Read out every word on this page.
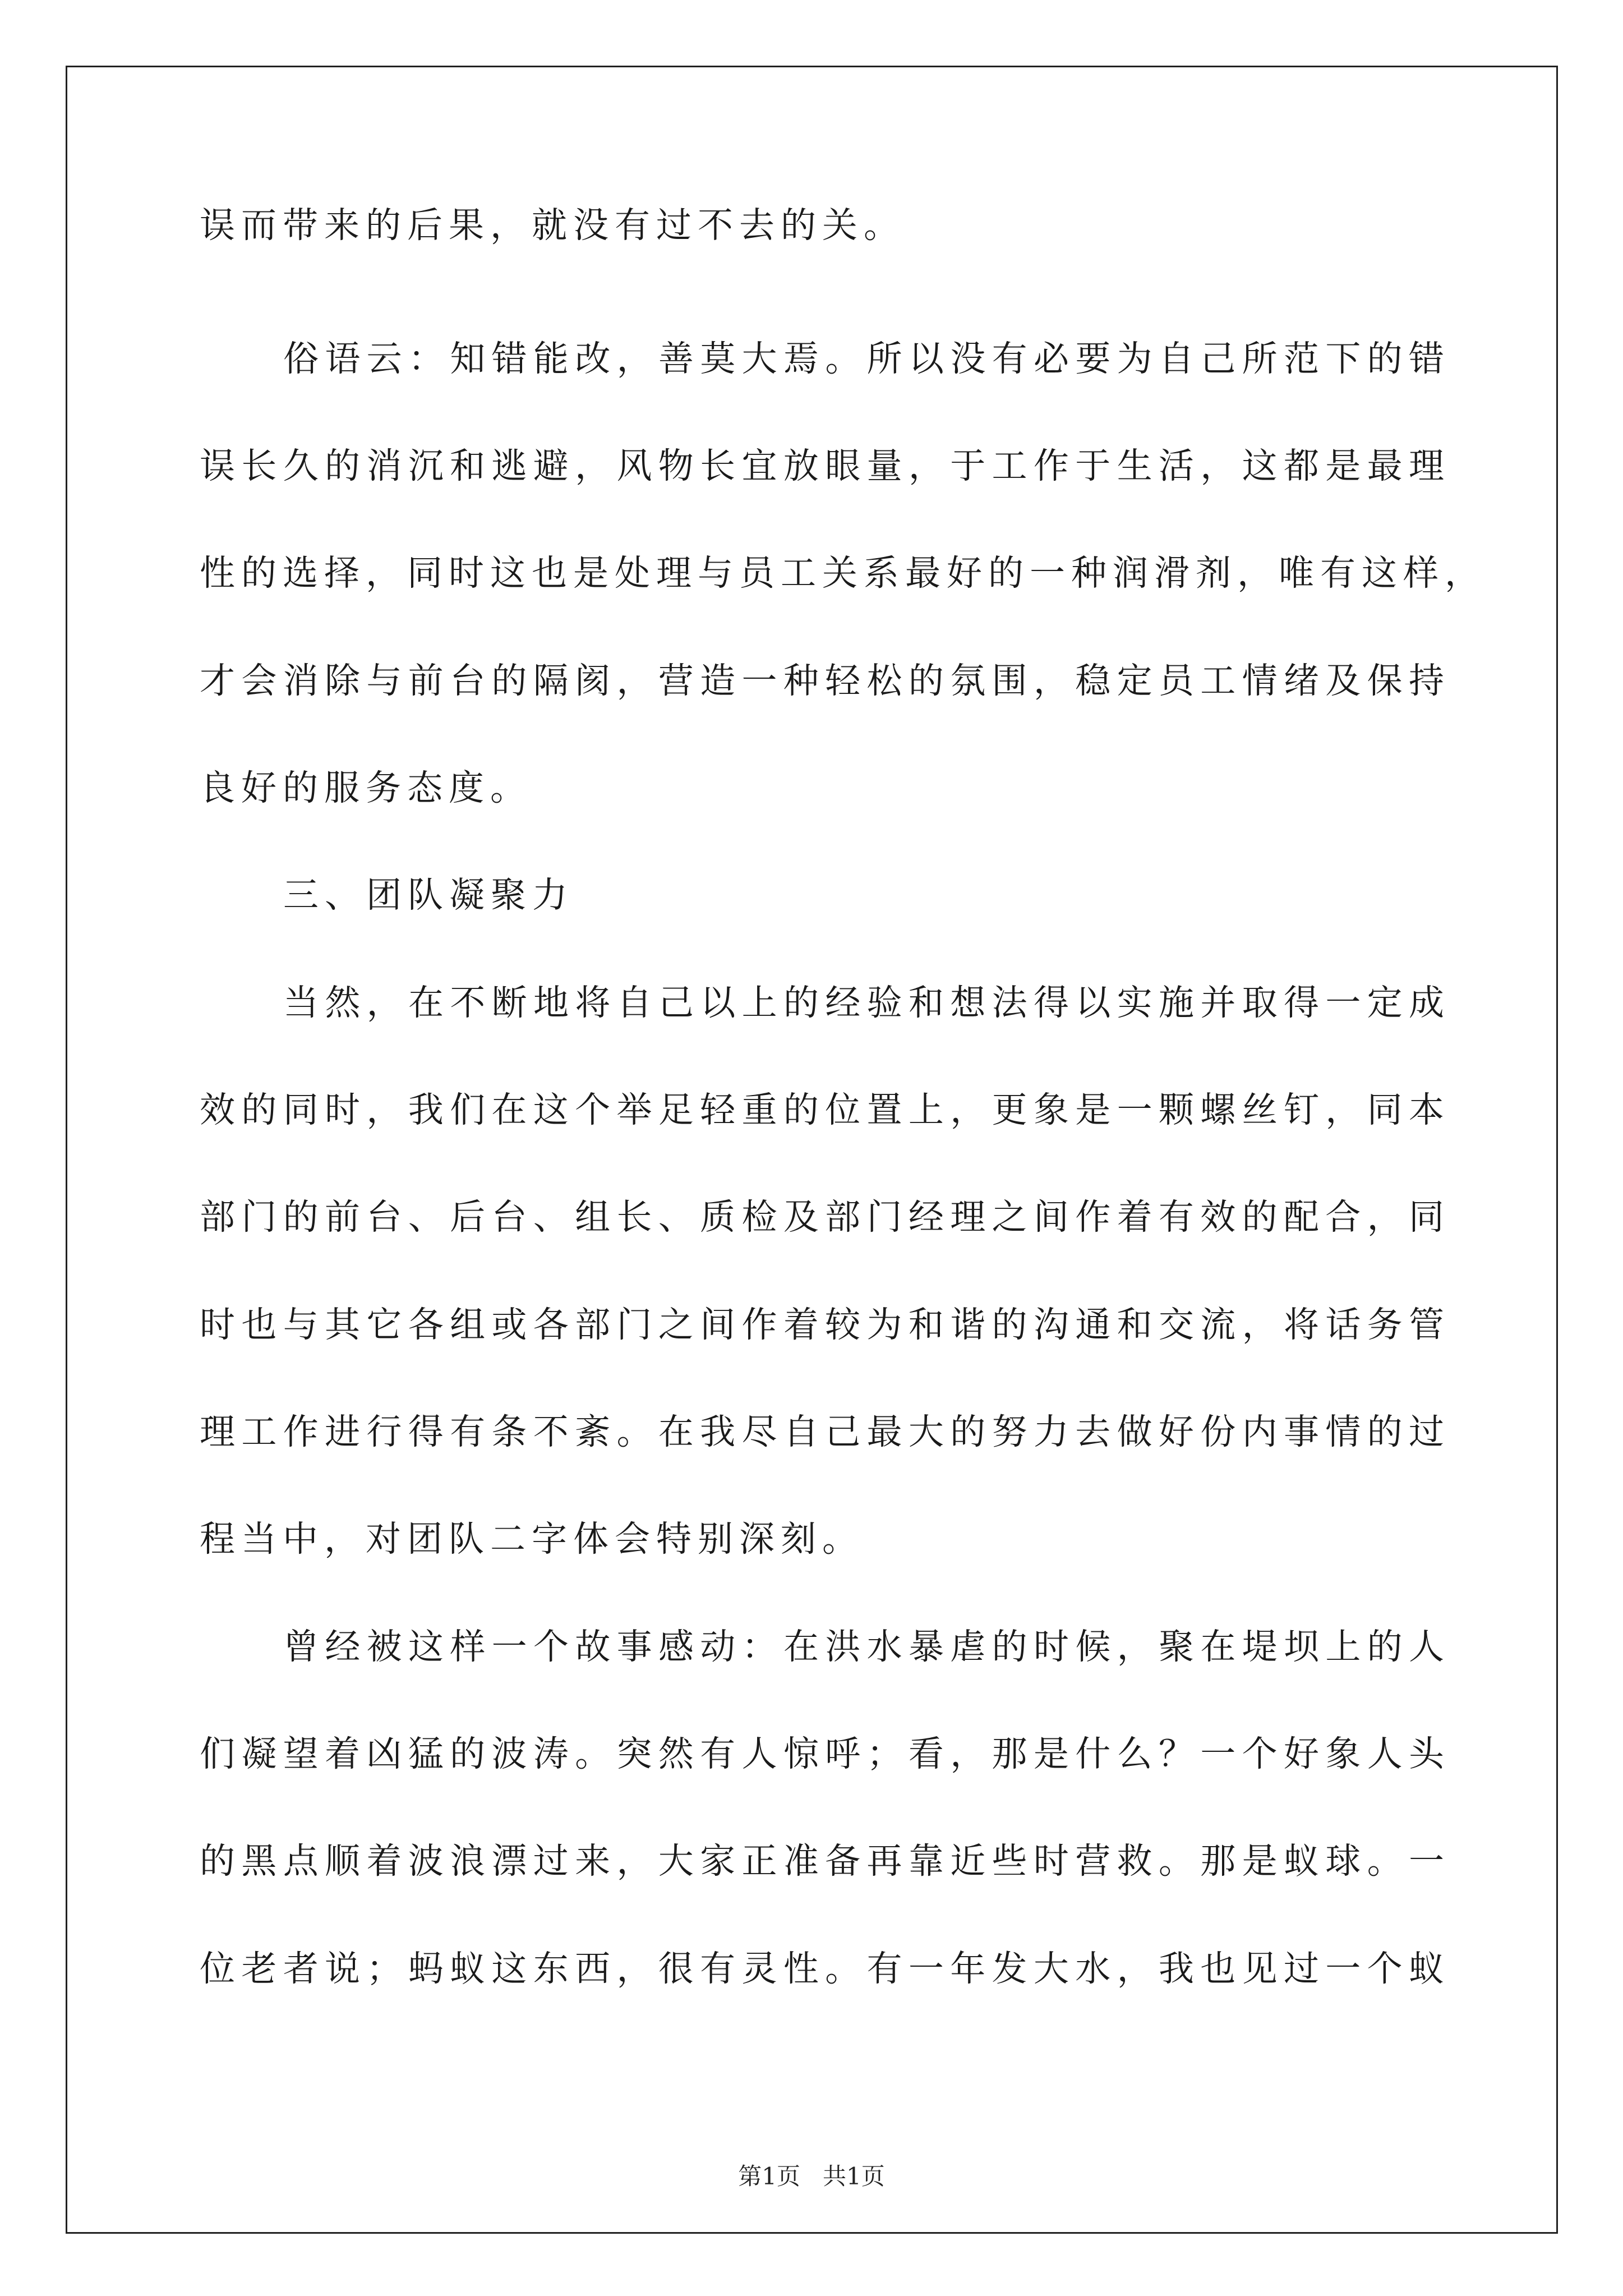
误而带来的后果，就没有过不去的关。
俗语云：知错能改，善莫大焉。所以没有必要为自己所范下的错
误长久的消沉和逃避，风物长宜放眼量，于工作于生活，这都是最理
性的选择，同时这也是处理与员工关系最好的一种润滑剂，唯有这样，
才会消除与前台的隔阂，营造一种轻松的氛围，稳定员工情绪及保持
良好的服务态度。
三、团队凝聚力
当然，在不断地将自己以上的经验和想法得以实施并取得一定成
效的同时，我们在这个举足轻重的位置上，更象是一颗螺丝钉，同本
部门的前台、后台、组长、质检及部门经理之间作着有效的配合，同
时也与其它各组或各部门之间作着较为和谐的沟通和交流，将话务管
理工作进行得有条不紊。在我尽自己最大的努力去做好份内事情的过
程当中，对团队二字体会特别深刻。
曾经被这样一个故事感动：在洪水暴虐的时候，聚在堤坝上的人
们凝望着凶猛的波涛。突然有人惊呼；看，那是什么？一个好象人头
的黑点顺着波浪漂过来，大家正准备再靠近些时营救。那是蚁球。一
位老者说；蚂蚁这东西，很有灵性。有一年发大水，我也见过一个蚁
第1页   共1页
